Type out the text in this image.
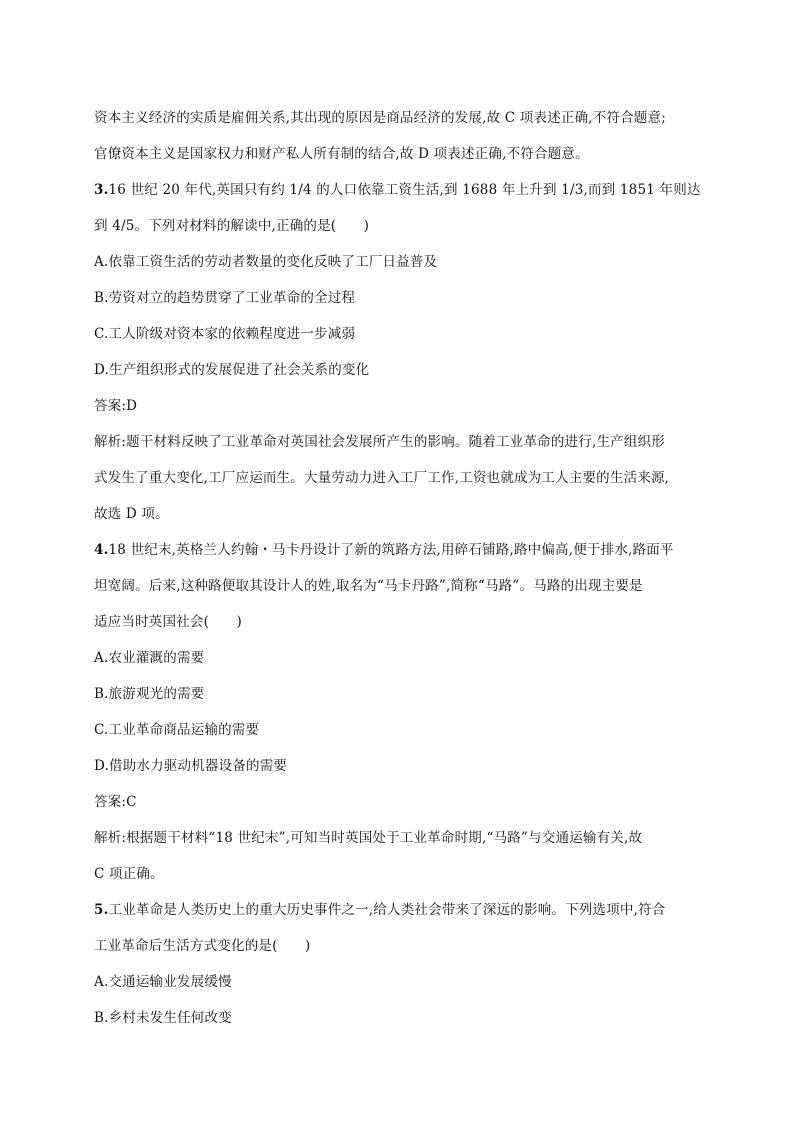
资本主义经济的实质是雇佣关系,其出现的原因是商品经济的发展,故 C 项表述正确,不符合题意;
官僚资本主义是国家权力和财产私人所有制的结合,故 D 项表述正确,不符合题意。
3.16 世纪 20 年代,英国只有约 1/4 的人口依靠工资生活,到 1688 年上升到 1/3,而到 1851 年则达
到 4/5。下列对材料的解读中,正确的是(　　)
A.依靠工资生活的劳动者数量的变化反映了工厂日益普及
B.劳资对立的趋势贯穿了工业革命的全过程
C.工人阶级对资本家的依赖程度进一步减弱
D.生产组织形式的发展促进了社会关系的变化
答案:D
解析:题干材料反映了工业革命对英国社会发展所产生的影响。随着工业革命的进行,生产组织形
式发生了重大变化,工厂应运而生。大量劳动力进入工厂工作,工资也就成为工人主要的生活来源,
故选 D 项。
4.18 世纪末,英格兰人约翰・马卡丹设计了新的筑路方法,用碎石铺路,路中偏高,便于排水,路面平
坦宽阔。后来,这种路便取其设计人的姓,取名为“马卡丹路”,简称“马路”。马路的出现主要是
适应当时英国社会(　　)
A.农业灌溉的需要
B.旅游观光的需要
C.工业革命商品运输的需要
D.借助水力驱动机器设备的需要
答案:C
解析:根据题干材料“18 世纪末”,可知当时英国处于工业革命时期,“马路”与交通运输有关,故
C 项正确。
5.工业革命是人类历史上的重大历史事件之一,给人类社会带来了深远的影响。下列选项中,符合
工业革命后生活方式变化的是(　　)
A.交通运输业发展缓慢
B.乡村未发生任何改变
